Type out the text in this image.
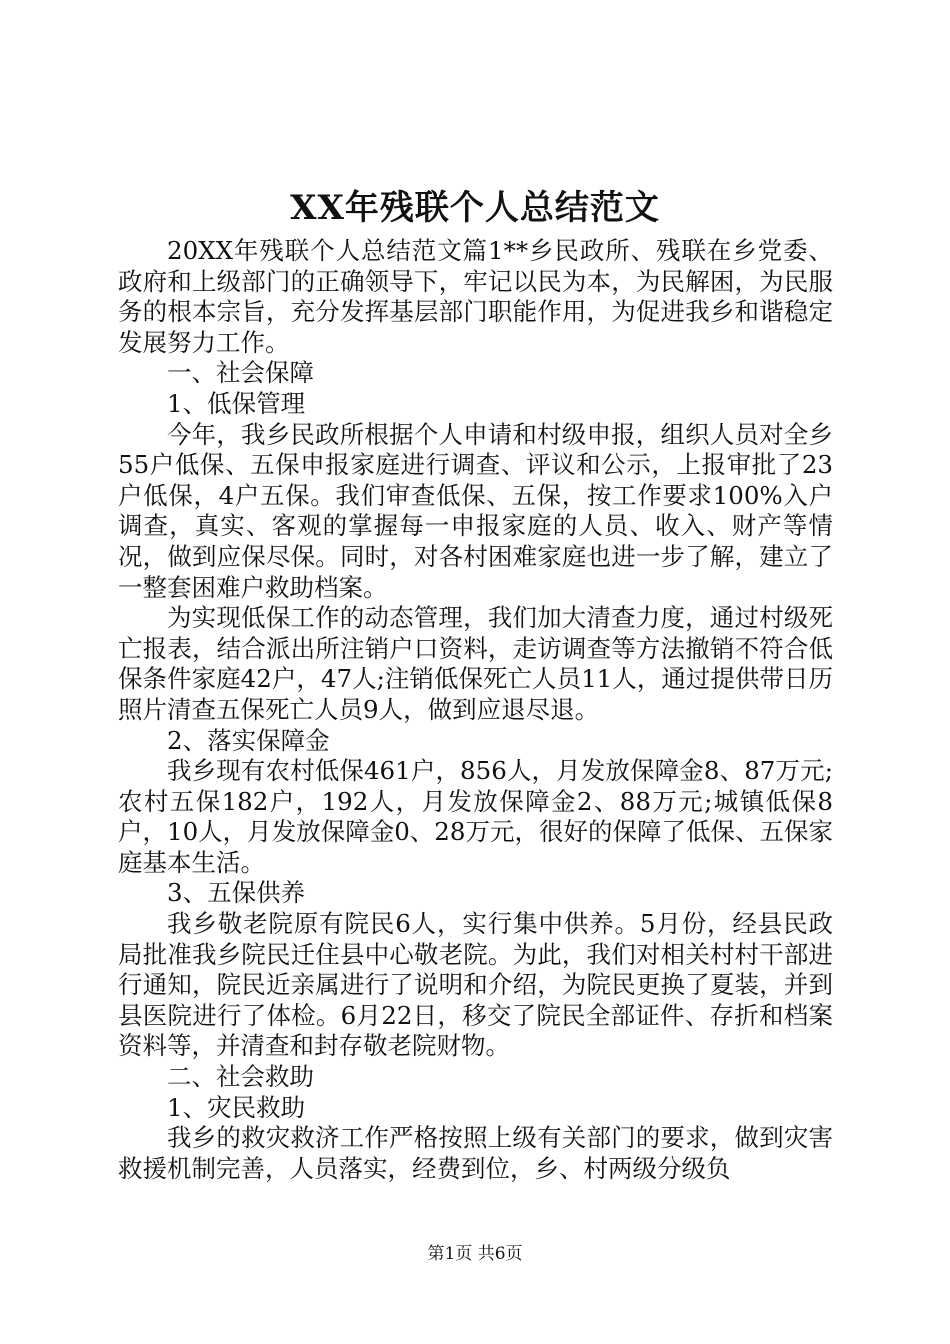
XX年残联个人总结范文

20XX年残联个人总结范文篇1**乡民政所、残联在乡党委、政府和上级部门的正确领导下，牢记以民为本，为民解困，为民服务的根本宗旨，充分发挥基层部门职能作用，为促进我乡和谐稳定发展努力工作。

一、社会保障

1、低保管理

今年，我乡民政所根据个人申请和村级申报，组织人员对全乡55户低保、五保申报家庭进行调查、评议和公示，上报审批了23户低保，4户五保。我们审查低保、五保，按工作要求100%入户调查，真实、客观的掌握每一申报家庭的人员、收入、财产等情况，做到应保尽保。同时，对各村困难家庭也进一步了解，建立了一整套困难户救助档案。

为实现低保工作的动态管理，我们加大清查力度，通过村级死亡报表，结合派出所注销户口资料，走访调查等方法撤销不符合低保条件家庭42户，47人;注销低保死亡人员11人，通过提供带日历照片清查五保死亡人员9人，做到应退尽退。

2、落实保障金

我乡现有农村低保461户，856人，月发放保障金8、87万元;农村五保182户，192人，月发放保障金2、88万元;城镇低保8户，10人，月发放保障金0、28万元，很好的保障了低保、五保家庭基本生活。

3、五保供养

我乡敬老院原有院民6人，实行集中供养。5月份，经县民政局批准我乡院民迁住县中心敬老院。为此，我们对相关村村干部进行通知，院民近亲属进行了说明和介绍，为院民更换了夏装，并到县医院进行了体检。6月22日，移交了院民全部证件、存折和档案资料等，并清查和封存敬老院财物。

二、社会救助

1、灾民救助

我乡的救灾救济工作严格按照上级有关部门的要求，做到灾害救援机制完善，人员落实，经费到位，乡、村两级分级负

第1页 共6页
